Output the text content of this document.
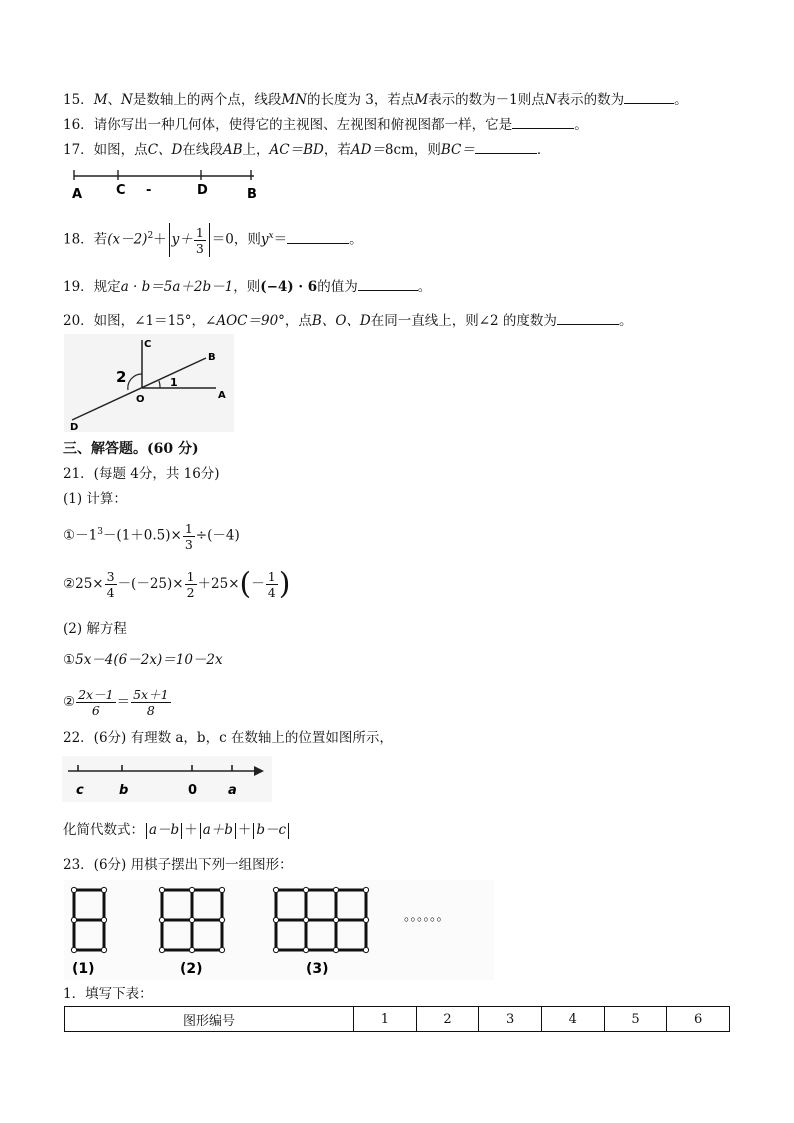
15．M、N是数轴上的两个点，线段MN的长度为 3，若点M表示的数为－1则点N表示的数为	。
16．请你写出一种几何体，使得它的主视图、左视图和俯视图都一样，它是	。
17．如图，点C、D在线段AB上，AC＝BD，若AD＝8cm，则BC＝	．
A	C -	D	B
18．若$(x-2)^2+ y+ \frac{1}{3} =0$，则$y^x=$	。
19．规定a · b＝5a＋2b－1，则(−4) · 6的值为	。
20．如图，∠1＝15°，∠AOC＝90°，点B、O、D在同一直线上，则∠2 的度数为	。
C
B
2	1
O	A
D
三、解答题。(60 分)
21．(每题 4分，共 16分)
(1) 计算：
$①-1^3-(1+0.5)\times \frac{1}{3} \div(-4)$
②25× $\frac{3}{4} -(-25)\times \frac{1}{2} +25\times(- \frac{1}{4}$ )
(2) 解方程
①5x－4(6－2x)＝10－2x
② $\frac{2x-1}{6} = \frac{5x+1}{8}$
22．(6分) 有理数 a，b，c 在数轴上的位置如图所示，
c	b	0 a
化简代数式： a－b ＋ a＋b ＋ b－c
23．(6分) 用棋子摆出下列一组图形：
(1)	(2)	(3)
。。。。。。
1．填写下表：
图形编号	1	2	3	4	5	6
